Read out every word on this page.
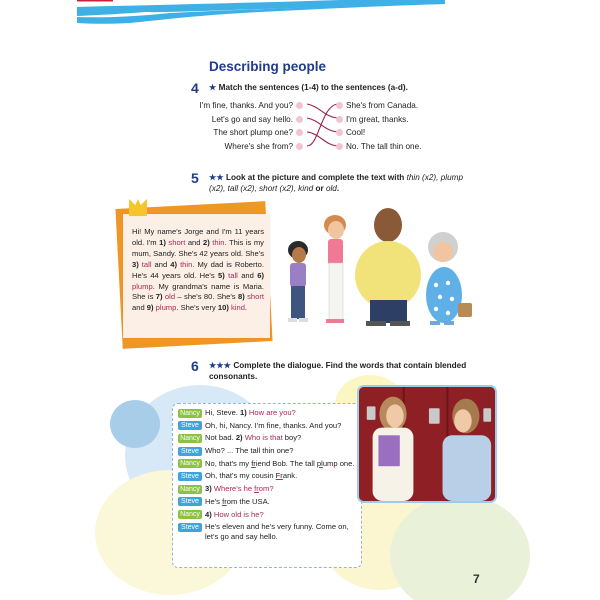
Describing people
4 ★ Match the sentences (1-4) to the sentences (a-d).
I'm fine, thanks. And you?
Let's go and say hello.
The short plump one?
Where's she from?
She's from Canada.
I'm great, thanks.
Cool!
No. The tall thin one.
5 ★★ Look at the picture and complete the text with thin (x2), plump (x2), tall (x2), short (x2), kind or old.
Hi! My name's Jorge and I'm 11 years old. I'm 1) short and 2) thin. This is my mum, Sandy. She's 42 years old. She's 3) tall and 4) thin. My dad is Roberto. He's 44 years old. He's 5) tall and 6) plump. My grandma's name is Maria. She is 7) old – she's 80. She's 8) short and 9) plump. She's very 10) kind.
6 ★★★ Complete the dialogue. Find the words that contain blended consonants.
Nancy Hi, Steve. 1) How are you?
Steve Oh, hi, Nancy. I'm fine, thanks. And you?
Nancy Not bad. 2) Who is that boy?
Steve Who? ... The tall thin one?
Nancy No, that's my friend Bob. The tall plump one.
Steve Oh, that's my cousin Frank.
Nancy 3) Where's he from?
Steve He's from the USA.
Nancy 4) How old is he?
Steve He's eleven and he's very funny. Come on, let's go and say hello.
7
